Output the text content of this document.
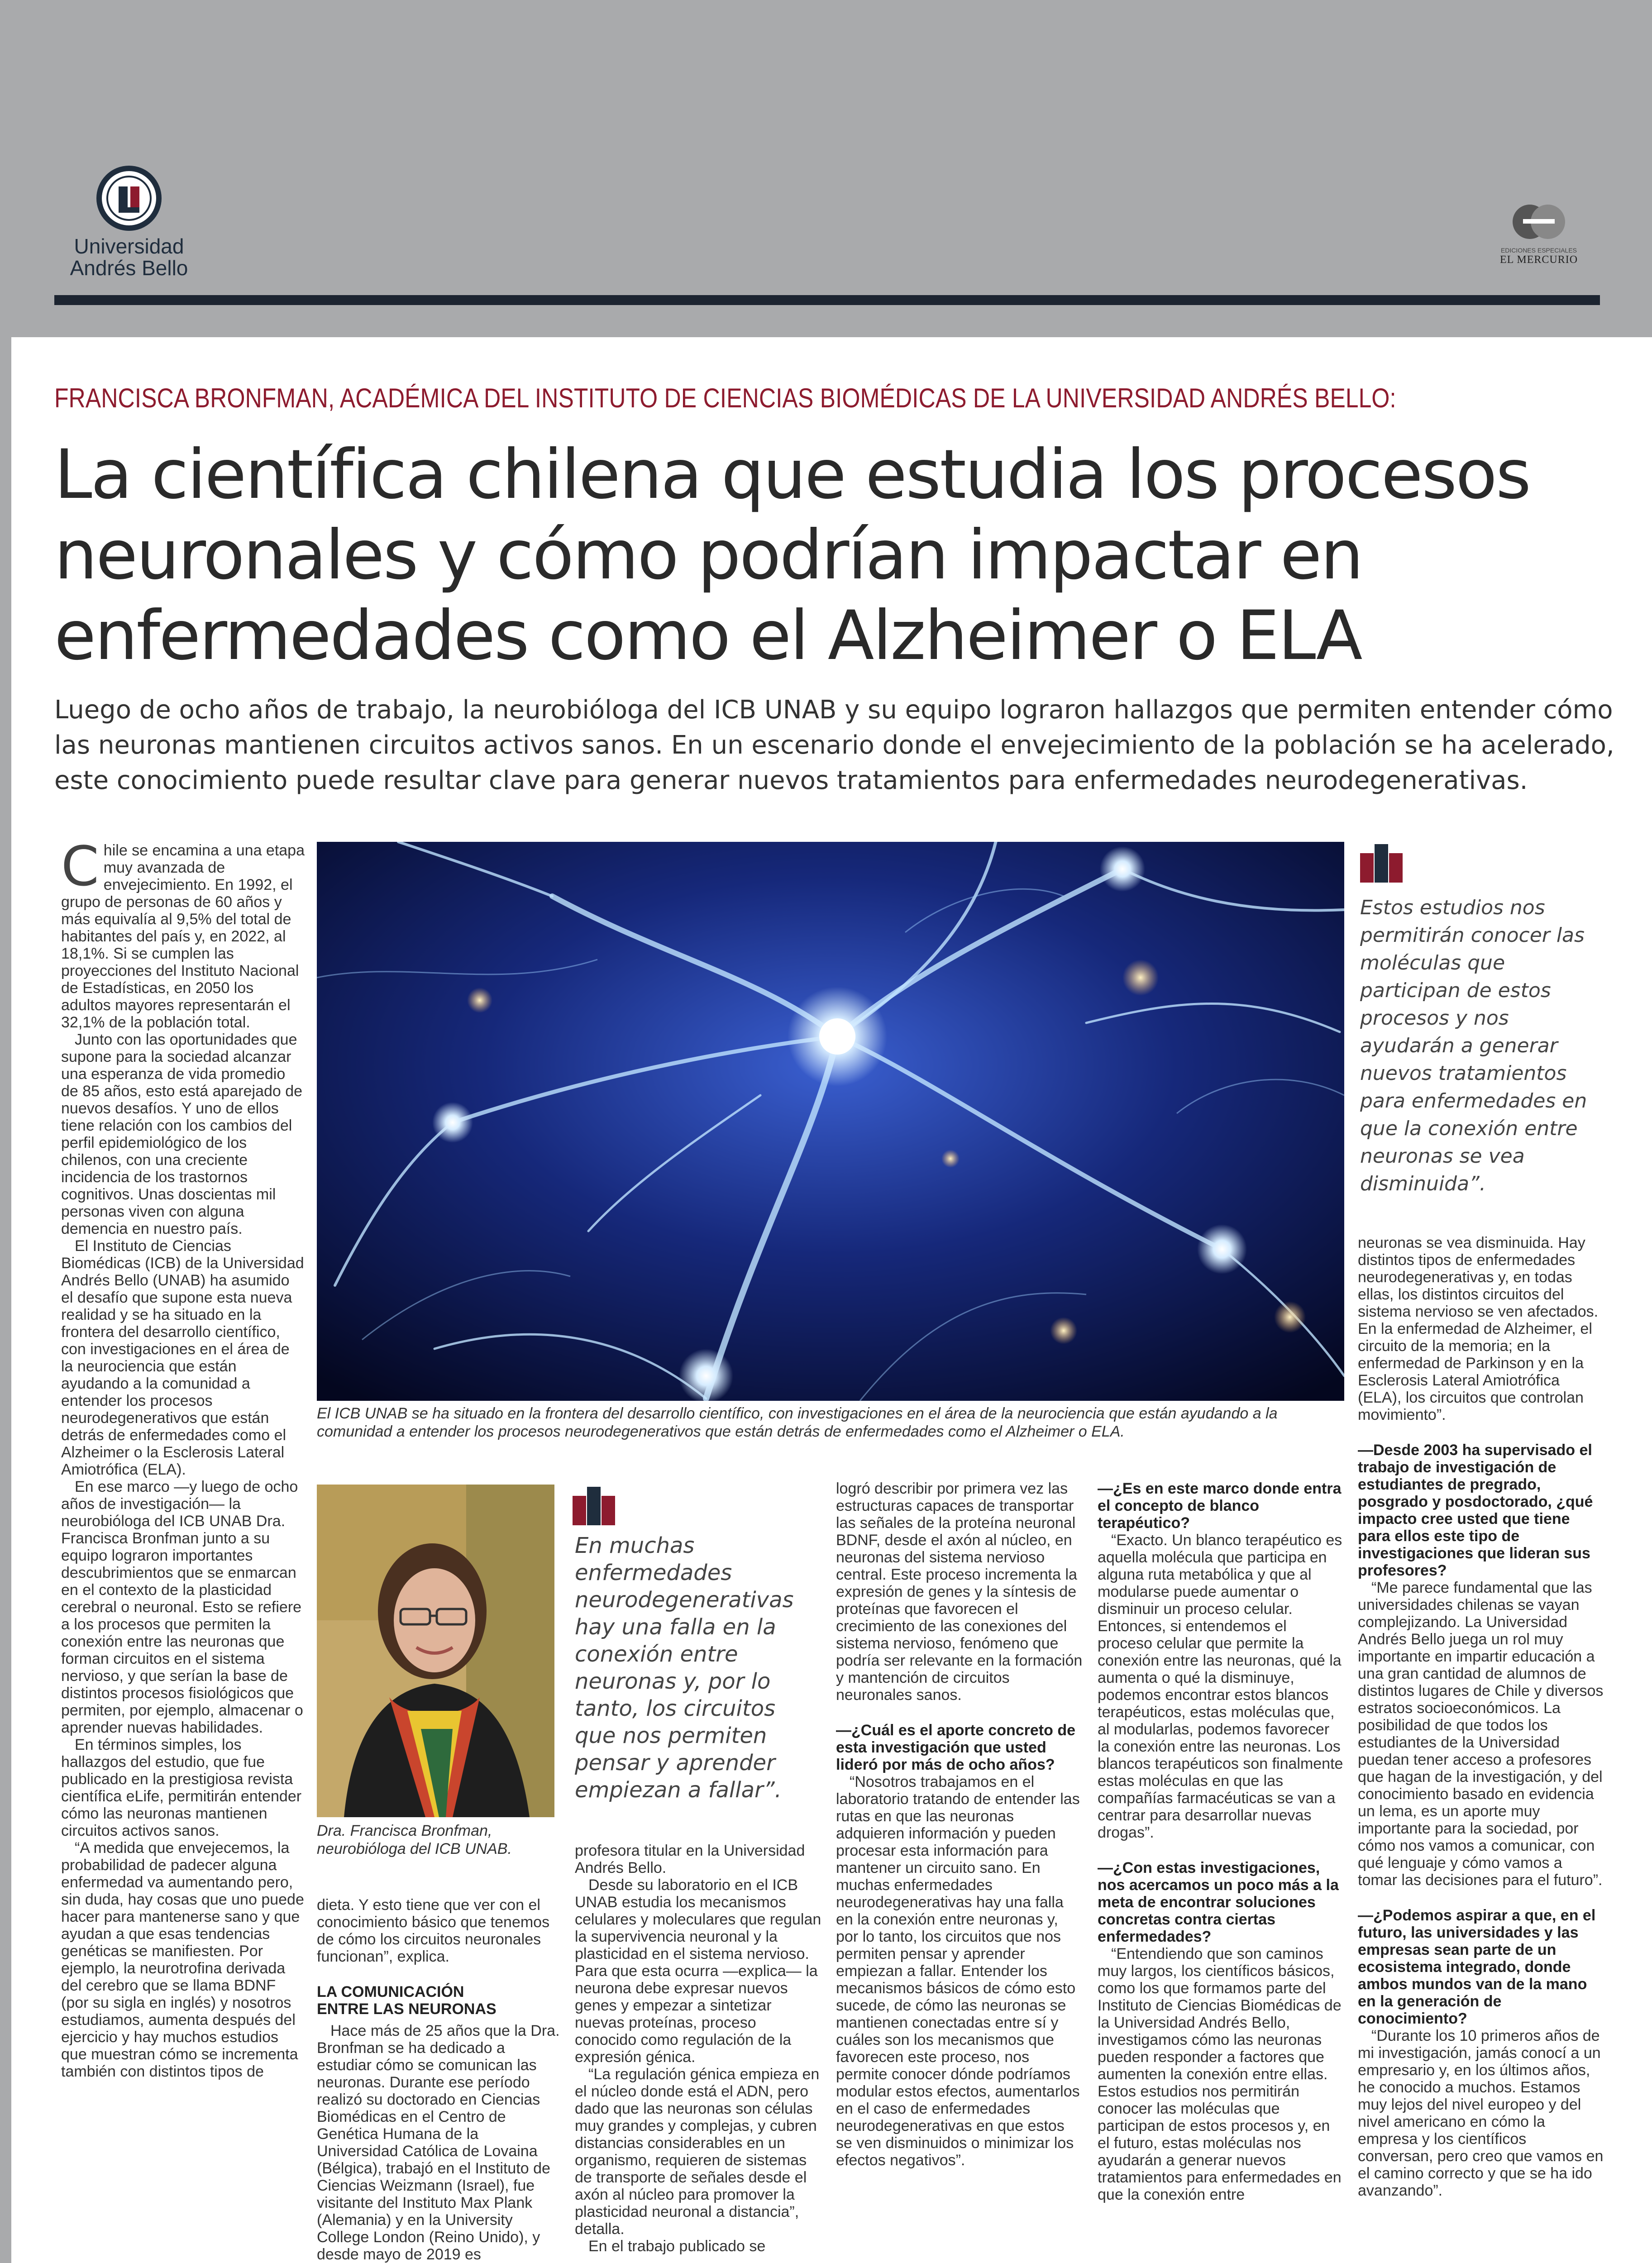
Universidad
Andrés Bello
EDICIONES ESPECIALES
EL MERCURIO
FRANCISCA BRONFMAN, ACADÉMICA DEL INSTITUTO DE CIENCIAS BIOMÉDICAS DE LA UNIVERSIDAD ANDRÉS BELLO:
La científica chilena que estudia los procesos neuronales y cómo podrían impactar en enfermedades como el Alzheimer o ELA
Luego de ocho años de trabajo, la neurobióloga del ICB UNAB y su equipo lograron hallazgos que permiten entender cómo las neuronas mantienen circuitos activos sanos. En un escenario donde el envejecimiento de la población se ha acelerado, este conocimiento puede resultar clave para generar nuevos tratamientos para enfermedades neurodegenerativas.

Chile se encamina a una etapa muy avanzada de envejecimiento. En 1992, el grupo de personas de 60 años y más equivalía al 9,5% del total de habitantes del país y, en 2022, al 18,1%. Si se cumplen las proyecciones del Instituto Nacional de Estadísticas, en 2050 los adultos mayores representarán el 32,1% de la población total.

Junto con las oportunidades que supone para la sociedad alcanzar una esperanza de vida promedio de 85 años, esto está aparejado de nuevos desafíos. Y uno de ellos tiene relación con los cambios del perfil epidemiológico de los chilenos, con una creciente incidencia de los trastornos cognitivos. Unas doscientas mil personas viven con alguna demencia en nuestro país.

El Instituto de Ciencias Biomédicas (ICB) de la Universidad Andrés Bello (UNAB) ha asumido el desafío que supone esta nueva realidad y se ha situado en la frontera del desarrollo científico, con investigaciones en el área de la neurociencia que están ayudando a la comunidad a entender los procesos neurodegenerativos que están detrás de enfermedades como el Alzheimer o la Esclerosis Lateral Amiotrófica (ELA).

En ese marco —y luego de ocho años de investigación— la neurobióloga del ICB UNAB Dra. Francisca Bronfman junto a su equipo lograron importantes descubrimientos que se enmarcan en el contexto de la plasticidad cerebral o neuronal. Esto se refiere a los procesos que permiten la conexión entre las neuronas que forman circuitos en el sistema nervioso, y que serían la base de distintos procesos fisiológicos que permiten, por ejemplo, almacenar o aprender nuevas habilidades.

En términos simples, los hallazgos del estudio, que fue publicado en la prestigiosa revista científica eLife, permitirán entender cómo las neuronas mantienen circuitos activos sanos.

“A medida que envejecemos, la probabilidad de padecer alguna enfermedad va aumentando pero, sin duda, hay cosas que uno puede hacer para mantenerse sano y que ayudan a que esas tendencias genéticas se manifiesten. Por ejemplo, la neurotrofina derivada del cerebro que se llama BDNF (por su sigla en inglés) y nosotros estudiamos, aumenta después del ejercicio y hay muchos estudios que muestran cómo se incrementa también con distintos tipos de

El ICB UNAB se ha situado en la frontera del desarrollo científico, con investigaciones en el área de la neurociencia que están ayudando a la comunidad a entender los procesos neurodegenerativos que están detrás de enfermedades como el Alzheimer o ELA.
Estos estudios nos permitirán conocer las moléculas que participan de estos procesos y nos ayudarán a generar nuevos tratamientos para enfermedades en que la conexión entre neuronas se vea disminuida”.

neuronas se vea disminuida. Hay distintos tipos de enfermedades neurodegenerativas y, en todas ellas, los distintos circuitos del sistema nervioso se ven afectados. En la enfermedad de Alzheimer, el circuito de la memoria; en la enfermedad de Parkinson y en la Esclerosis Lateral Amiotrófica (ELA), los circuitos que controlan movimiento”.

—Desde 2003 ha supervisado el trabajo de investigación de estudiantes de pregrado, posgrado y posdoctorado, ¿qué impacto cree usted que tiene para ellos este tipo de investigaciones que lideran sus profesores?

“Me parece fundamental que las universidades chilenas se vayan complejizando. La Universidad Andrés Bello juega un rol muy importante en impartir educación a una gran cantidad de alumnos de distintos lugares de Chile y diversos estratos socioeconómicos. La posibilidad de que todos los estudiantes de la Universidad puedan tener acceso a profesores que hagan de la investigación, y del conocimiento basado en evidencia un lema, es un aporte muy importante para la sociedad, por cómo nos vamos a comunicar, con qué lenguaje y cómo vamos a tomar las decisiones para el futuro”.

—¿Podemos aspirar a que, en el futuro, las universidades y las empresas sean parte de un ecosistema integrado, donde ambos mundos van de la mano en la generación de conocimiento?

“Durante los 10 primeros años de mi investigación, jamás conocí a un empresario y, en los últimos años, he conocido a muchos. Estamos muy lejos del nivel europeo y del nivel americano en cómo la empresa y los científicos conversan, pero creo que vamos en el camino correcto y que se ha ido avanzando”.

Dra. Francisca Bronfman,
neurobióloga del ICB UNAB.
En muchas enfermedades neurodegenerativas hay una falla en la conexión entre neuronas y, por lo tanto, los circuitos que nos permiten pensar y aprender empiezan a fallar”.

dieta. Y esto tiene que ver con el conocimiento básico que tenemos de cómo los circuitos neuronales funcionan”, explica.

LA COMUNICACIÓN
ENTRE LAS NEURONAS

Hace más de 25 años que la Dra. Bronfman se ha dedicado a estudiar cómo se comunican las neuronas. Durante ese período realizó su doctorado en Ciencias Biomédicas en el Centro de Genética Humana de la Universidad Católica de Lovaina (Bélgica), trabajó en el Instituto de Ciencias Weizmann (Israel), fue visitante del Instituto Max Plank (Alemania) y en la University College London (Reino Unido), y desde mayo de 2019 es

profesora titular en la Universidad Andrés Bello.

Desde su laboratorio en el ICB UNAB estudia los mecanismos celulares y moleculares que regulan la supervivencia neuronal y la plasticidad en el sistema nervioso. Para que esta ocurra —explica— la neurona debe expresar nuevos genes y empezar a sintetizar nuevas proteínas, proceso conocido como regulación de la expresión génica.

“La regulación génica empieza en el núcleo donde está el ADN, pero dado que las neuronas son células muy grandes y complejas, y cubren distancias considerables en un organismo, requieren de sistemas de transporte de señales desde el axón al núcleo para promover la plasticidad neuronal a distancia”, detalla.

En el trabajo publicado se

logró describir por primera vez las estructuras capaces de transportar las señales de la proteína neuronal BDNF, desde el axón al núcleo, en neuronas del sistema nervioso central. Este proceso incrementa la expresión de genes y la síntesis de proteínas que favorecen el crecimiento de las conexiones del sistema nervioso, fenómeno que podría ser relevante en la formación y mantención de circuitos neuronales sanos.

—¿Cuál es el aporte concreto de esta investigación que usted lideró por más de ocho años?

“Nosotros trabajamos en el laboratorio tratando de entender las rutas en que las neuronas adquieren información y pueden procesar esta información para mantener un circuito sano. En muchas enfermedades neurodegenerativas hay una falla en la conexión entre neuronas y, por lo tanto, los circuitos que nos permiten pensar y aprender empiezan a fallar. Entender los mecanismos básicos de cómo esto sucede, de cómo las neuronas se mantienen conectadas entre sí y cuáles son los mecanismos que favorecen este proceso, nos permite conocer dónde podríamos modular estos efectos, aumentarlos en el caso de enfermedades neurodegenerativas en que estos se ven disminuidos o minimizar los efectos negativos”.

—¿Es en este marco donde entra el concepto de blanco terapéutico?

“Exacto. Un blanco terapéutico es aquella molécula que participa en alguna ruta metabólica y que al modularse puede aumentar o disminuir un proceso celular. Entonces, si entendemos el proceso celular que permite la conexión entre las neuronas, qué la aumenta o qué la disminuye, podemos encontrar estos blancos terapéuticos, estas moléculas que, al modularlas, podemos favorecer la conexión entre las neuronas. Los blancos terapéuticos son finalmente estas moléculas en que las compañías farmacéuticas se van a centrar para desarrollar nuevas drogas”.

—¿Con estas investigaciones, nos acercamos un poco más a la meta de encontrar soluciones concretas contra ciertas enfermedades?

“Entendiendo que son caminos muy largos, los científicos básicos, como los que formamos parte del Instituto de Ciencias Biomédicas de la Universidad Andrés Bello, investigamos cómo las neuronas pueden responder a factores que aumenten la conexión entre ellas. Estos estudios nos permitirán conocer las moléculas que participan de estos procesos y, en el futuro, estas moléculas nos ayudarán a generar nuevos tratamientos para enfermedades en que la conexión entre
